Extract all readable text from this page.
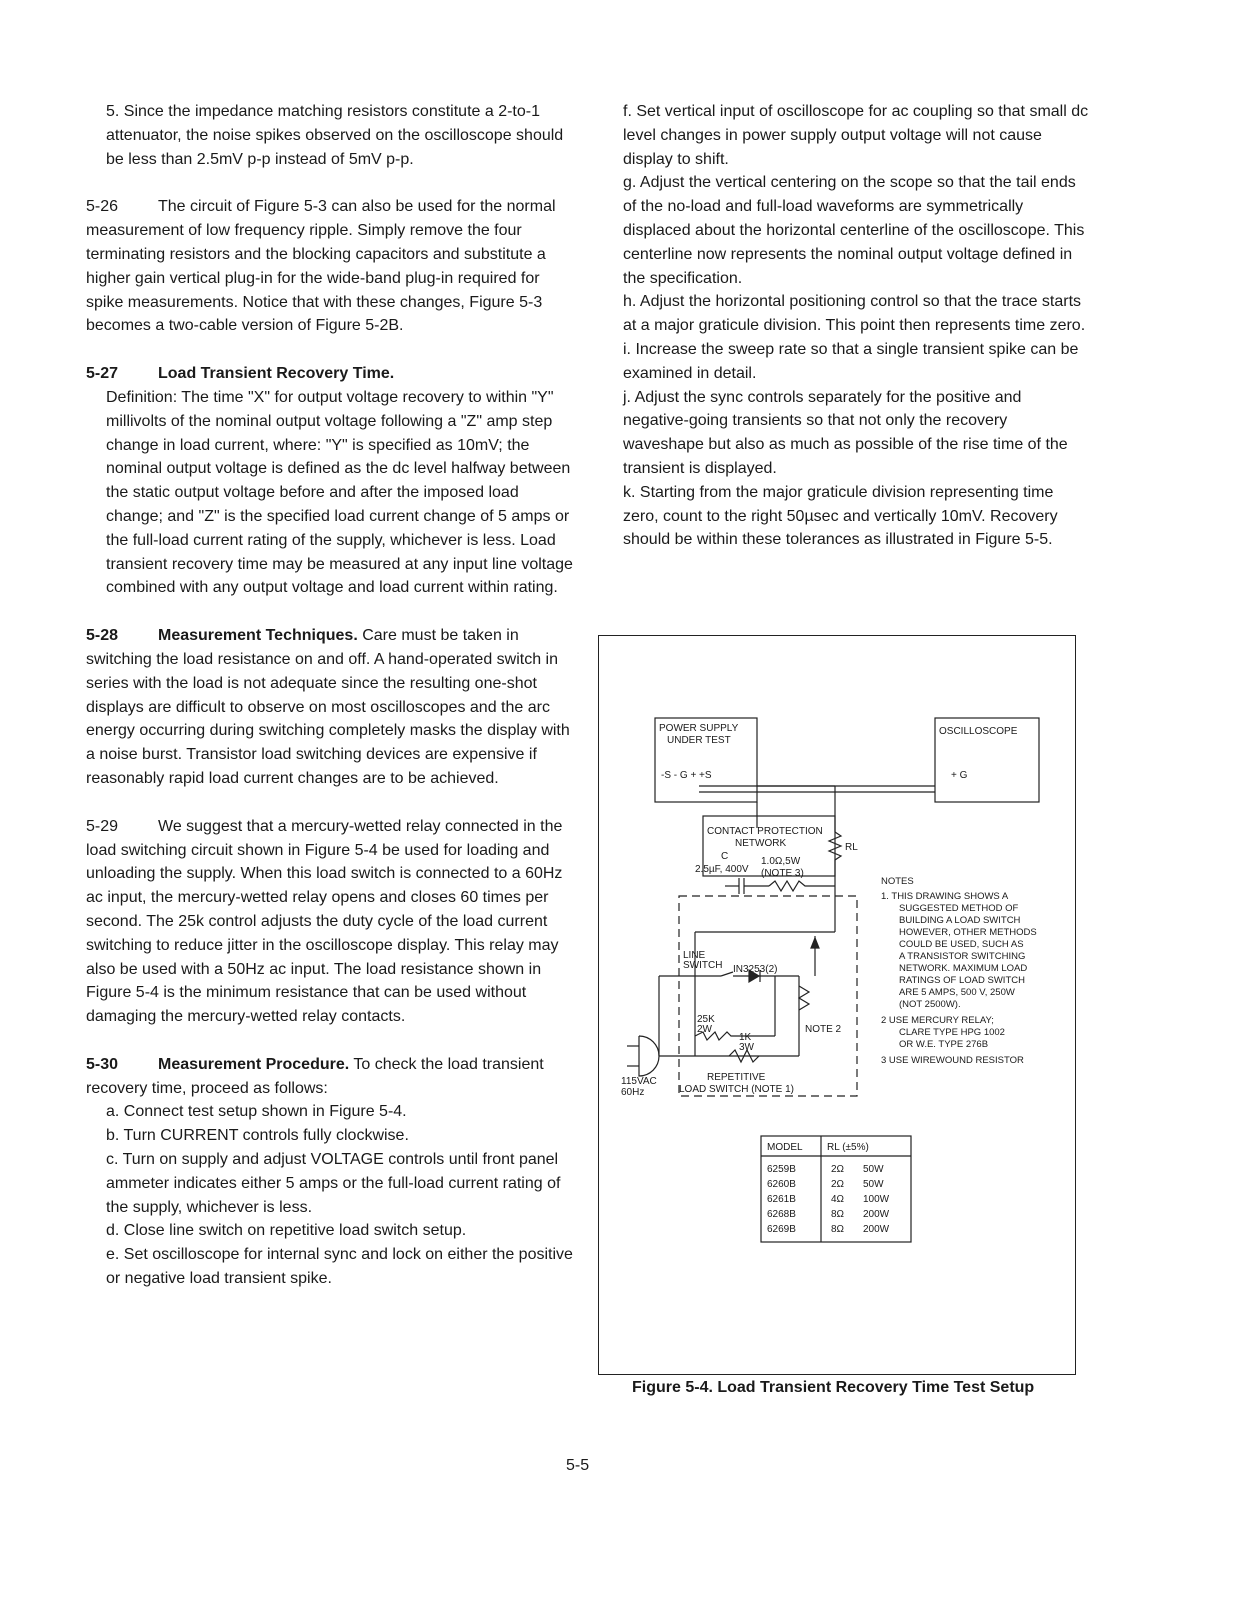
5. Since the impedance matching resistors constitute a 2-to-1 attenuator, the noise spikes observed on the oscilloscope should be less than 2.5mV p-p instead of 5mV p-p.

5-26 The circuit of Figure 5-3 can also be used for the normal measurement of low frequency ripple. Simply remove the four terminating resistors and the blocking capacitors and substitute a higher gain vertical plug-in for the wide-band plug-in required for spike measurements. Notice that with these changes, Figure 5-3 becomes a two-cable version of Figure 5-2B.

5-27 Load Transient Recovery Time.

Definition: The time "X" for output voltage recovery to within "Y" millivolts of the nominal output voltage following a "Z" amp step change in load current, where: "Y" is specified as 10mV; the nominal output voltage is defined as the dc level halfway between the static output voltage before and after the imposed load change; and "Z" is the specified load current change of 5 amps or the full-load current rating of the supply, whichever is less. Load transient recovery time may be measured at any input line voltage combined with any output voltage and load current within rating.

5-28 Measurement Techniques. Care must be taken in switching the load resistance on and off. A hand-operated switch in series with the load is not adequate since the resulting one-shot displays are difficult to observe on most oscilloscopes and the arc energy occurring during switching completely masks the display with a noise burst. Transistor load switching devices are expensive if reasonably rapid load current changes are to be achieved.

5-29 We suggest that a mercury-wetted relay connected in the load switching circuit shown in Figure 5-4 be used for loading and unloading the supply. When this load switch is connected to a 60Hz ac input, the mercury-wetted relay opens and closes 60 times per second. The 25k control adjusts the duty cycle of the load current switching to reduce jitter in the oscilloscope display. This relay may also be used with a 50Hz ac input. The load resistance shown in Figure 5-4 is the minimum resistance that can be used without damaging the mercury-wetted relay contacts.

5-30 Measurement Procedure. To check the load transient recovery time, proceed as follows:

a. Connect test setup shown in Figure 5-4.

b. Turn CURRENT controls fully clockwise.

c. Turn on supply and adjust VOLTAGE controls until front panel ammeter indicates either 5 amps or the full-load current rating of the supply, whichever is less.

d. Close line switch on repetitive load switch setup.

e. Set oscilloscope for internal sync and lock on either the positive or negative load transient spike.

f. Set vertical input of oscilloscope for ac coupling so that small dc level changes in power supply output voltage will not cause display to shift.

g. Adjust the vertical centering on the scope so that the tail ends of the no-load and full-load waveforms are symmetrically displaced about the horizontal centerline of the oscilloscope. This centerline now represents the nominal output voltage defined in the specification.

h. Adjust the horizontal positioning control so that the trace starts at a major graticule division. This point then represents time zero.

i. Increase the sweep rate so that a single transient spike can be examined in detail.

j. Adjust the sync controls separately for the positive and negative-going transients so that not only the recovery waveshape but also as much as possible of the rise time of the transient is displayed.

k. Starting from the major graticule division representing time zero, count to the right 50µsec and vertically 10mV. Recovery should be within these tolerances as illustrated in Figure 5-5.

POWER SUPPLY
UNDER TEST
-S - G + +S
OSCILLOSCOPE
+ G
CONTACT PROTECTION
NETWORK
C
2.5µF, 400V
1.0Ω,5W
(NOTE 3)
RL
LINE
SWITCH IN3253(2)
25K
2W
1K
3W
NOTE 2
115VAC
60Hz
REPETITIVE
LOAD SWITCH (NOTE 1)
NOTES
1. THIS DRAWING SHOWS A
SUGGESTED METHOD OF
BUILDING A LOAD SWITCH
HOWEVER, OTHER METHODS
COULD BE USED, SUCH AS
A TRANSISTOR SWITCHING
NETWORK. MAXIMUM LOAD
RATINGS OF LOAD SWITCH
ARE 5 AMPS, 500 V, 250W
(NOT 2500W).
2 USE MERCURY RELAY;
CLARE TYPE HPG 1002
OR W.E. TYPE 276B
3 USE WIREWOUND RESISTOR
MODEL RL (±5%)
6259B	2Ω 50W
6260B	2Ω 50W
6261B	4Ω 100W
6268B	8Ω 200W
6269B	8Ω 200W
Figure 5-4. Load Transient Recovery Time Test Setup
5-5
